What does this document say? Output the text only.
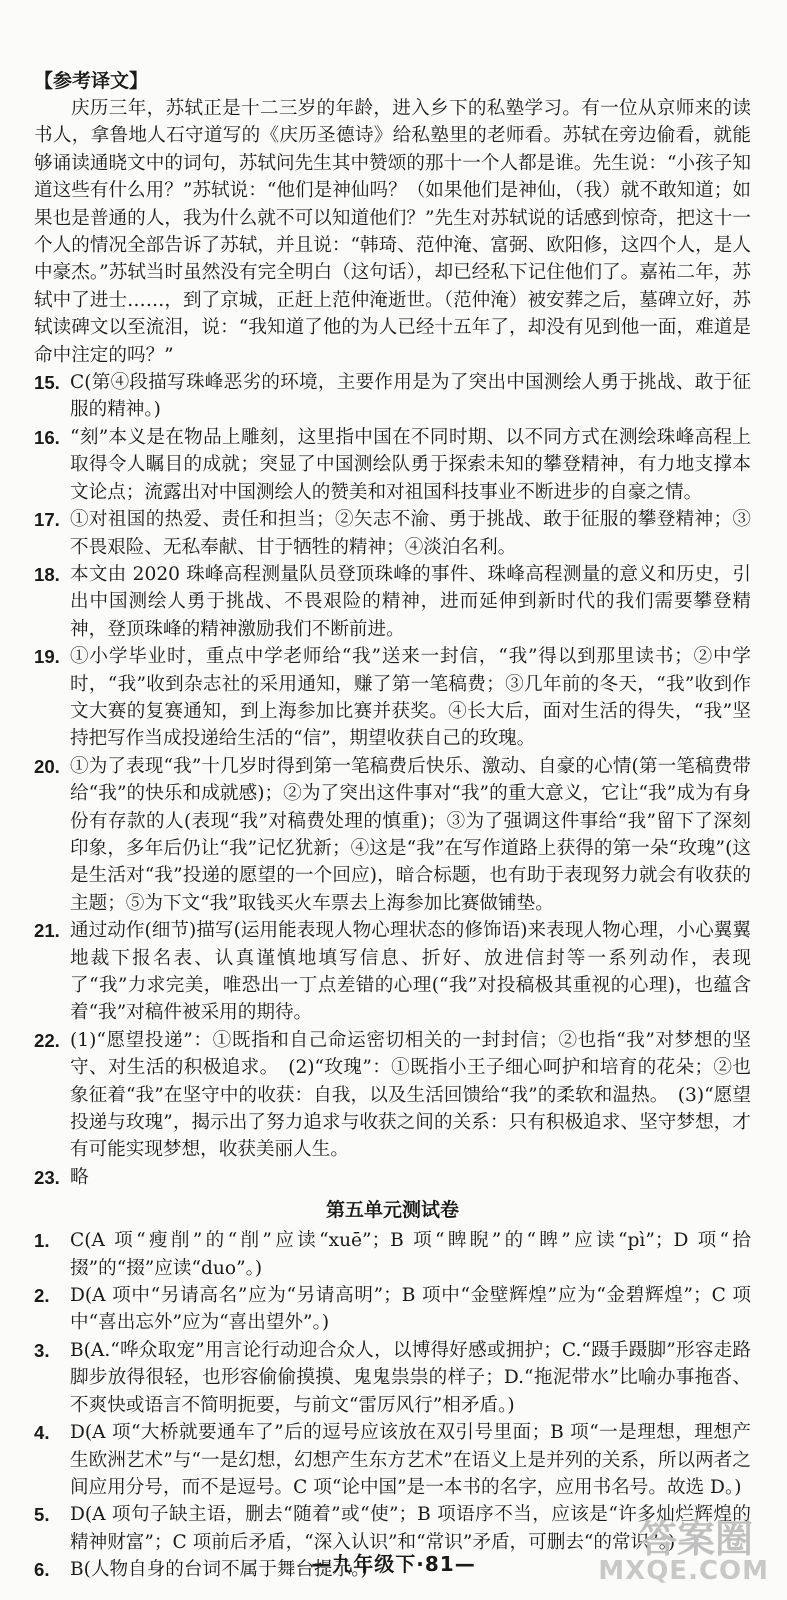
【参考译文】

庆历三年，苏轼正是十二三岁的年龄，进入乡下的私塾学习。有一位从京师来的读书人，拿鲁地人石守道写的《庆历圣德诗》给私塾里的老师看。苏轼在旁边偷看，就能够诵读通晓文中的词句，苏轼问先生其中赞颂的那十一个人都是谁。先生说：“小孩子知道这些有什么用？”苏轼说：“他们是神仙吗？（如果他们是神仙，（我）就不敢知道；如果也是普通的人，我为什么就不可以知道他们？”先生对苏轼说的话感到惊奇，把这十一个人的情况全部告诉了苏轼，并且说：“韩琦、范仲淹、富弼、欧阳修，这四个人，是人中豪杰。”苏轼当时虽然没有完全明白（这句话），却已经私下记住他们了。嘉祐二年，苏轼中了进士……，到了京城，正赶上范仲淹逝世。（范仲淹）被安葬之后，墓碑立好，苏轼读碑文以至流泪，说：“我知道了他的为人已经十五年了，却没有见到他一面，难道是命中注定的吗？”

15. C(第④段描写珠峰恶劣的环境，主要作用是为了突出中国测绘人勇于挑战、敢于征服的精神。)

16. “刻”本义是在物品上雕刻，这里指中国在不同时期、以不同方式在测绘珠峰高程上取得令人瞩目的成就；突显了中国测绘队勇于探索未知的攀登精神，有力地支撑本文论点；流露出对中国测绘人的赞美和对祖国科技事业不断进步的自豪之情。

17. ①对祖国的热爱、责任和担当；②矢志不渝、勇于挑战、敢于征服的攀登精神；③不畏艰险、无私奉献、甘于牺牲的精神；④淡泊名利。

18. 本文由 2020 珠峰高程测量队员登顶珠峰的事件、珠峰高程测量的意义和历史，引出中国测绘人勇于挑战、不畏艰险的精神，进而延伸到新时代的我们需要攀登精神，登顶珠峰的精神激励我们不断前进。

19. ①小学毕业时，重点中学老师给“我”送来一封信，“我”得以到那里读书；②中学时，“我”收到杂志社的采用通知，赚了第一笔稿费；③几年前的冬天，“我”收到作文大赛的复赛通知，到上海参加比赛并获奖。④长大后，面对生活的得失，“我”坚持把写作当成投递给生活的“信”，期望收获自己的玫瑰。

20. ①为了表现“我”十几岁时得到第一笔稿费后快乐、激动、自豪的心情(第一笔稿费带给“我”的快乐和成就感)；②为了突出这件事对“我”的重大意义，它让“我”成为有身份有存款的人(表现“我”对稿费处理的慎重)；③为了强调这件事给“我”留下了深刻印象，多年后仍让“我”记忆犹新；④这是“我”在写作道路上获得的第一朵“玫瑰”(这是生活对“我”投递的愿望的一个回应)，暗合标题，也有助于表现努力就会有收获的主题；⑤为下文“我”取钱买火车票去上海参加比赛做铺垫。

21. 通过动作(细节)描写(运用能表现人物心理状态的修饰语)来表现人物心理，小心翼翼地裁下报名表、认真谨慎地填写信息、折好、放进信封等一系列动作，表现了“我”力求完美，唯恐出一丁点差错的心理(“我”对投稿极其重视的心理)，也蕴含着“我”对稿件被采用的期待。

22. (1)“愿望投递”：①既指和自己命运密切相关的一封封信；②也指“我”对梦想的坚守、对生活的积极追求。　(2)“玫瑰”：①既指小王子细心呵护和培育的花朵；②也象征着“我”在坚守中的收获：自我，以及生活回馈给“我”的柔软和温热。　(3)“愿望投递与玫瑰”，揭示出了努力追求与收获之间的关系：只有积极追求、坚守梦想，才有可能实现梦想，收获美丽人生。

23. 略

第五单元测试卷
1.	C(A 项“瘦削”的“削”应读“xuē”；B 项“睥睨”的“睥”应读“pì”；D 项“拾掇”的“掇”应读“duo”。)

2.	D(A 项中“另请高名”应为“另请高明”；B 项中“金壁辉煌”应为“金碧辉煌”；C 项中“喜出忘外”应为“喜出望外”。)

3.	B(A.“哗众取宠”用言论行动迎合众人，以博得好感或拥护；C.“蹑手蹑脚”形容走路脚步放得很轻，也形容偷偷摸摸、鬼鬼祟祟的样子；D.“拖泥带水”比喻办事拖沓、不爽快或语言不简明扼要，与前文“雷厉风行”相矛盾。)

4.	D(A 项“大桥就要通车了”后的逗号应该放在双引号里面；B 项“一是理想，理想产生欧洲艺术”与“一是幻想，幻想产生东方艺术”在语义上是并列的关系，所以两者之间应用分号，而不是逗号。C 项“论中国”是一本书的名字，应用书名号。故选 D。)

5.	D(A 项句子缺主语，删去“随着”或“使”；B 项语序不当，应该是“许多灿烂辉煌的精神财富”；C 项前后矛盾，“深入认识”和“常识”矛盾，可删去“的常识”。)

6.	B(人物自身的台词不属于舞台提示。)

—九年级下·81—
答案圈
MXQE.COM
